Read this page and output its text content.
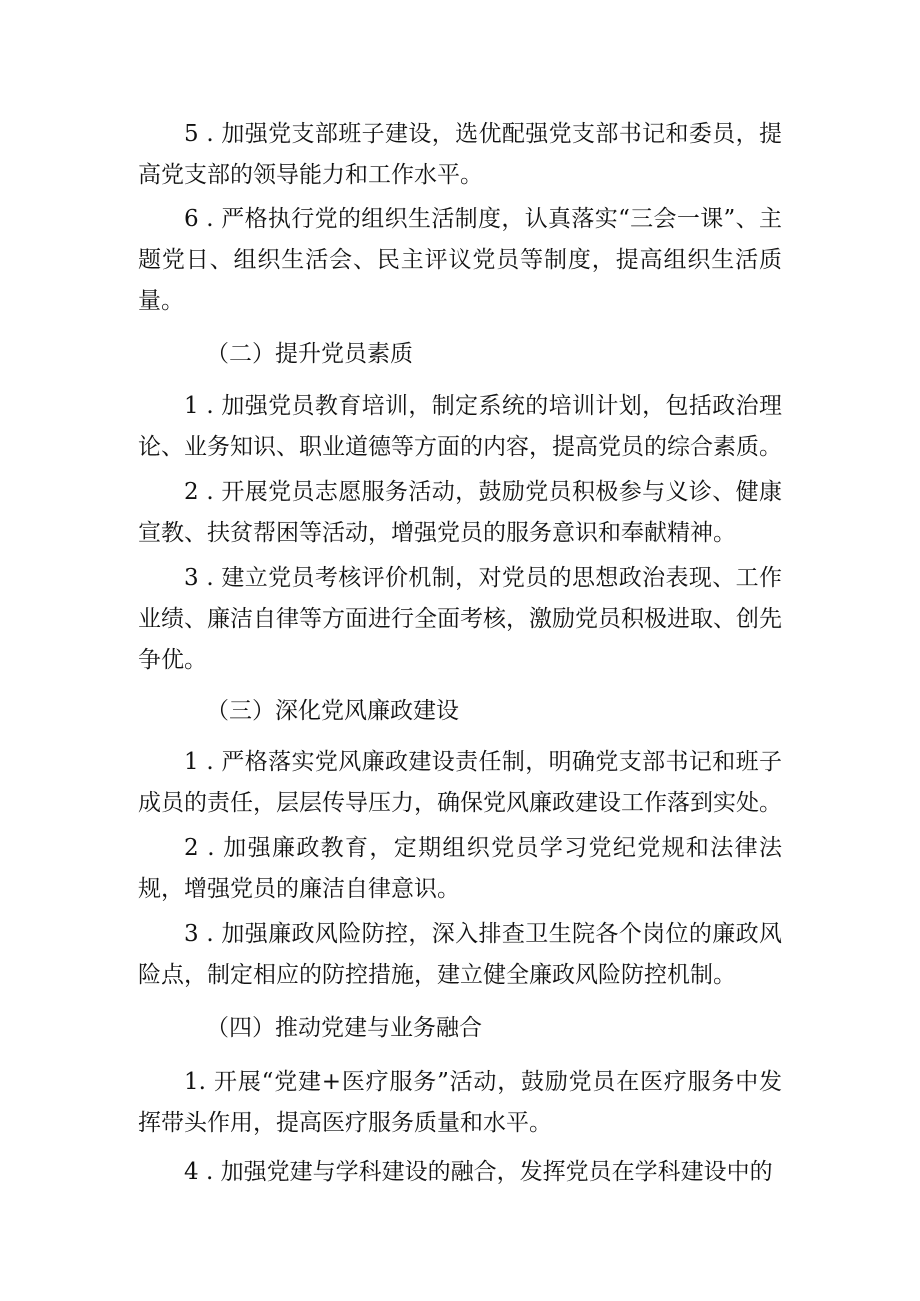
5 . 加强党支部班子建设，选优配强党支部书记和委员，提高党支部的领导能力和工作水平。
6 . 严格执行党的组织生活制度，认真落实“三会一课”、主题党日、组织生活会、民主评议党员等制度，提高组织生活质量。
（二）提升党员素质
1 . 加强党员教育培训，制定系统的培训计划，包括政治理论、业务知识、职业道德等方面的内容，提高党员的综合素质。
2 . 开展党员志愿服务活动，鼓励党员积极参与义诊、健康宣教、扶贫帮困等活动，增强党员的服务意识和奉献精神。
3 . 建立党员考核评价机制，对党员的思想政治表现、工作业绩、廉洁自律等方面进行全面考核，激励党员积极进取、创先争优。
（三）深化党风廉政建设
1 . 严格落实党风廉政建设责任制，明确党支部书记和班子成员的责任，层层传导压力，确保党风廉政建设工作落到实处。
2 . 加强廉政教育，定期组织党员学习党纪党规和法律法规，增强党员的廉洁自律意识。
3 . 加强廉政风险防控，深入排查卫生院各个岗位的廉政风险点，制定相应的防控措施，建立健全廉政风险防控机制。
（四）推动党建与业务融合
1. 开展“党建+医疗服务”活动，鼓励党员在医疗服务中发挥带头作用，提高医疗服务质量和水平。
4 . 加强党建与学科建设的融合，发挥党员在学科建设中的
